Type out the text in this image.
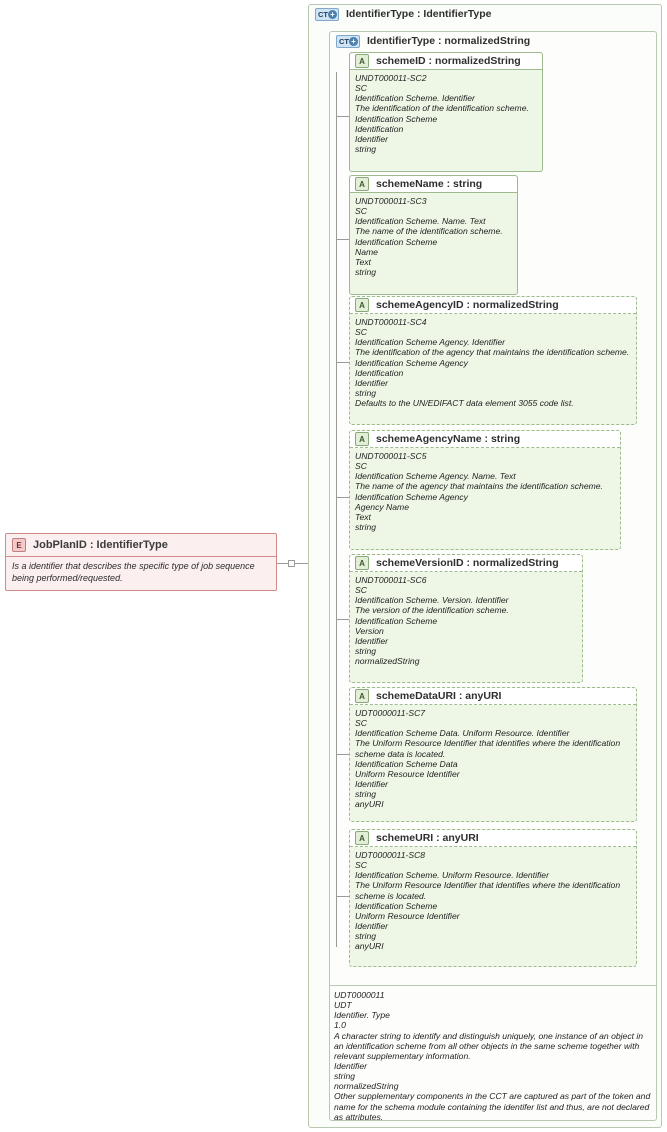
E	JobPlanID : IdentifierType
Is a identifier that describes the specific type of job sequence being performed/requested.
CT + IdentifierType : IdentifierType
CT + IdentifierType : normalizedString
UDT0000011
UDT
Identifier. Type
1.0
A character string to identify and distinguish uniquely, one instance of an object in an identification scheme from all other objects in the same scheme together with relevant supplementary information.
Identifier
string
normalizedString
Other supplementary components in the CCT are captured as part of the token and name for the schema module containing the identifer list and thus, are not declared as attributes.
A	schemeID : normalizedString
UNDT000011-SC2
SC
Identification Scheme. Identifier
The identification of the identification scheme.
Identification Scheme
Identification
Identifier
string
A	schemeName : string
UNDT000011-SC3
SC
Identification Scheme. Name. Text
The name of the identification scheme.
Identification Scheme
Name
Text
string
A	schemeAgencyID : normalizedString
UNDT000011-SC4
SC
Identification Scheme Agency. Identifier
The identification of the agency that maintains the identification scheme.
Identification Scheme Agency
Identification
Identifier
string
Defaults to the UN/EDIFACT data element 3055 code list.
A	schemeAgencyName : string
UNDT000011-SC5
SC
Identification Scheme Agency. Name. Text
The name of the agency that maintains the identification scheme.
Identification Scheme Agency
Agency Name
Text
string
A	schemeVersionID : normalizedString
UNDT000011-SC6
SC
Identification Scheme. Version. Identifier
The version of the identification scheme.
Identification Scheme
Version
Identifier
string
normalizedString
A	schemeDataURI : anyURI
UDT0000011-SC7
SC
Identification Scheme Data. Uniform Resource. Identifier
The Uniform Resource Identifier that identifies where the identification scheme data is located.
Identification Scheme Data
Uniform Resource Identifier
Identifier
string
anyURI
A	schemeURI : anyURI
UDT0000011-SC8
SC
Identification Scheme. Uniform Resource. Identifier
The Uniform Resource Identifier that identifies where the identification scheme is located.
Identification Scheme
Uniform Resource Identifier
Identifier
string
anyURI
